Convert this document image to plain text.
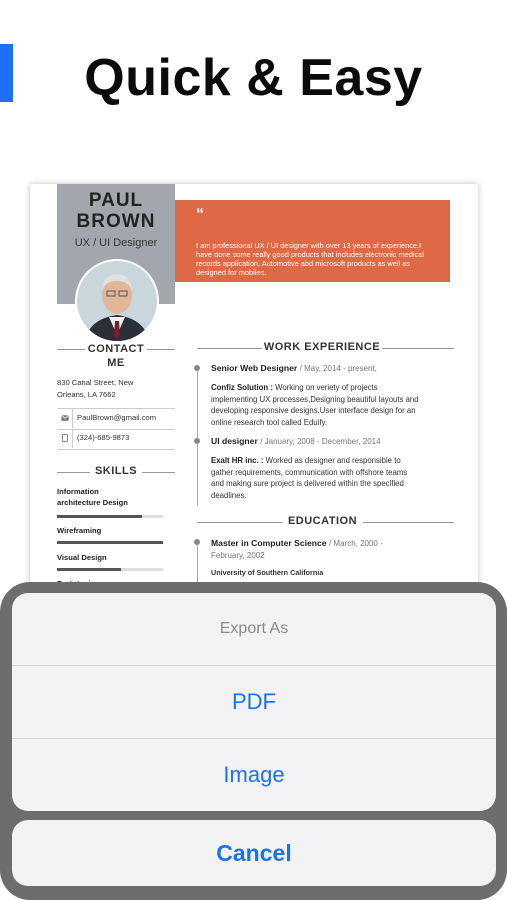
Quick & Easy
PAUL
BROWN
UX / UI Designer
“
I am professional UX / UI designer with over 13 years of experience.I have done some really good products that includes electronic medical records application, Automotive abd microsoft products as well as designed for mobiles.
CONTACT
ME
830 Canal Street, New
Orleans, LA 7662
PaulBrown@gmail.com
(324)-685-9873
SKILLS
Information
architecture Design
Wireframing
Visual Design
WORK EXPERIENCE
Senior Web Designer / May, 2014 - present,
Confiz Solution : Working on veriety of projects
implementing UX processes,Designing beautiful layouts and
developing responsive designs.User interface design for an
online research tool called Eduify.
UI designer / January, 2008 - December, 2014
Exalt HR inc. : Worked as designer and responsible to
gather requirements, communication with offshore teams
and making sure project is delivered within the specified
deadlines.
EDUCATION
Master in Computer Science / March, 2000 -
February, 2002
University of Southern California
Export As
PDF
Image
Cancel
